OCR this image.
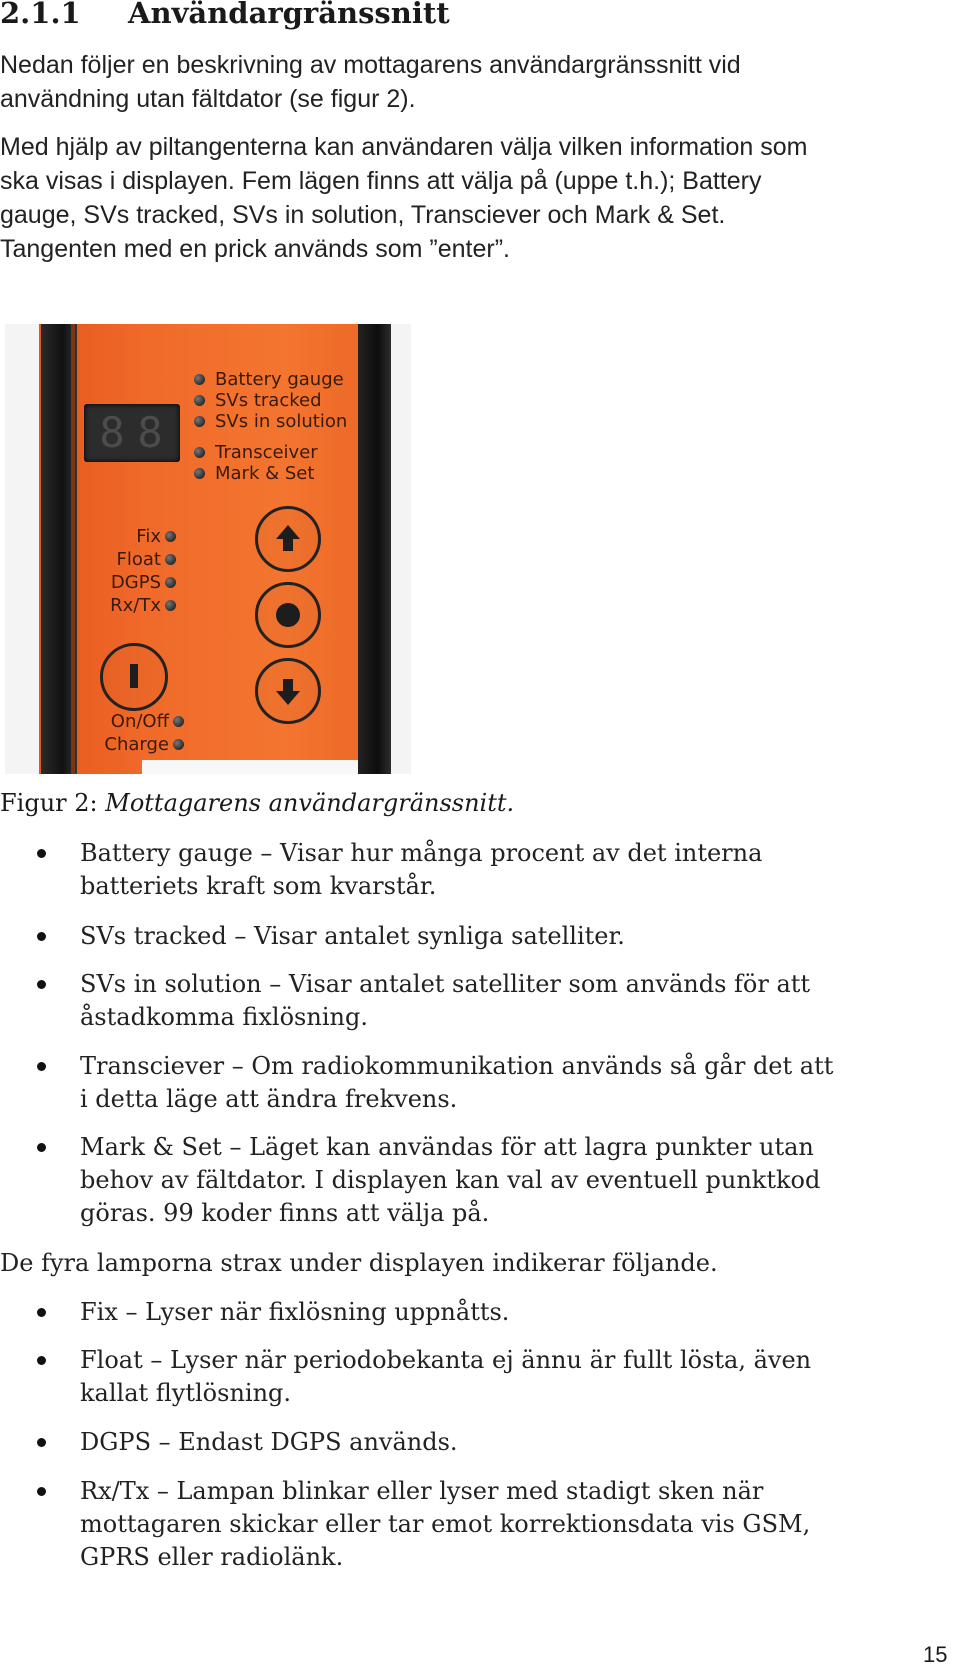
2.1.1 Användargränssnitt
Nedan följer en beskrivning av mottagarens användargränssnitt vid användning utan fältdator (se figur 2).
Med hjälp av piltangenterna kan användaren välja vilken information som ska visas i displayen. Fem lägen finns att välja på (uppe t.h.); Battery gauge, SVs tracked, SVs in solution, Transciever och Mark & Set. Tangenten med en prick används som ”enter”.
8 8
Battery gauge
SVs tracked
SVs in solution
Transceiver
Mark & Set
Fix
Float
DGPS
Rx/Tx
On/Off
Charge
Figur 2: Mottagarens användargränssnitt.
Battery gauge – Visar hur många procent av det interna batteriets kraft som kvarstår.
SVs tracked – Visar antalet synliga satelliter.
SVs in solution – Visar antalet satelliter som används för att åstadkomma fixlösning.
Transciever – Om radiokommunikation används så går det att i detta läge att ändra frekvens.
Mark & Set – Läget kan användas för att lagra punkter utan behov av fältdator. I displayen kan val av eventuell punktkod göras. 99 koder finns att välja på.
De fyra lamporna strax under displayen indikerar följande.
Fix – Lyser när fixlösning uppnåtts.
Float – Lyser när periodobekanta ej ännu är fullt lösta, även kallat flytlösning.
DGPS – Endast DGPS används.
Rx/Tx – Lampan blinkar eller lyser med stadigt sken när mottagaren skickar eller tar emot korrektionsdata vis GSM, GPRS eller radiolänk.
15
